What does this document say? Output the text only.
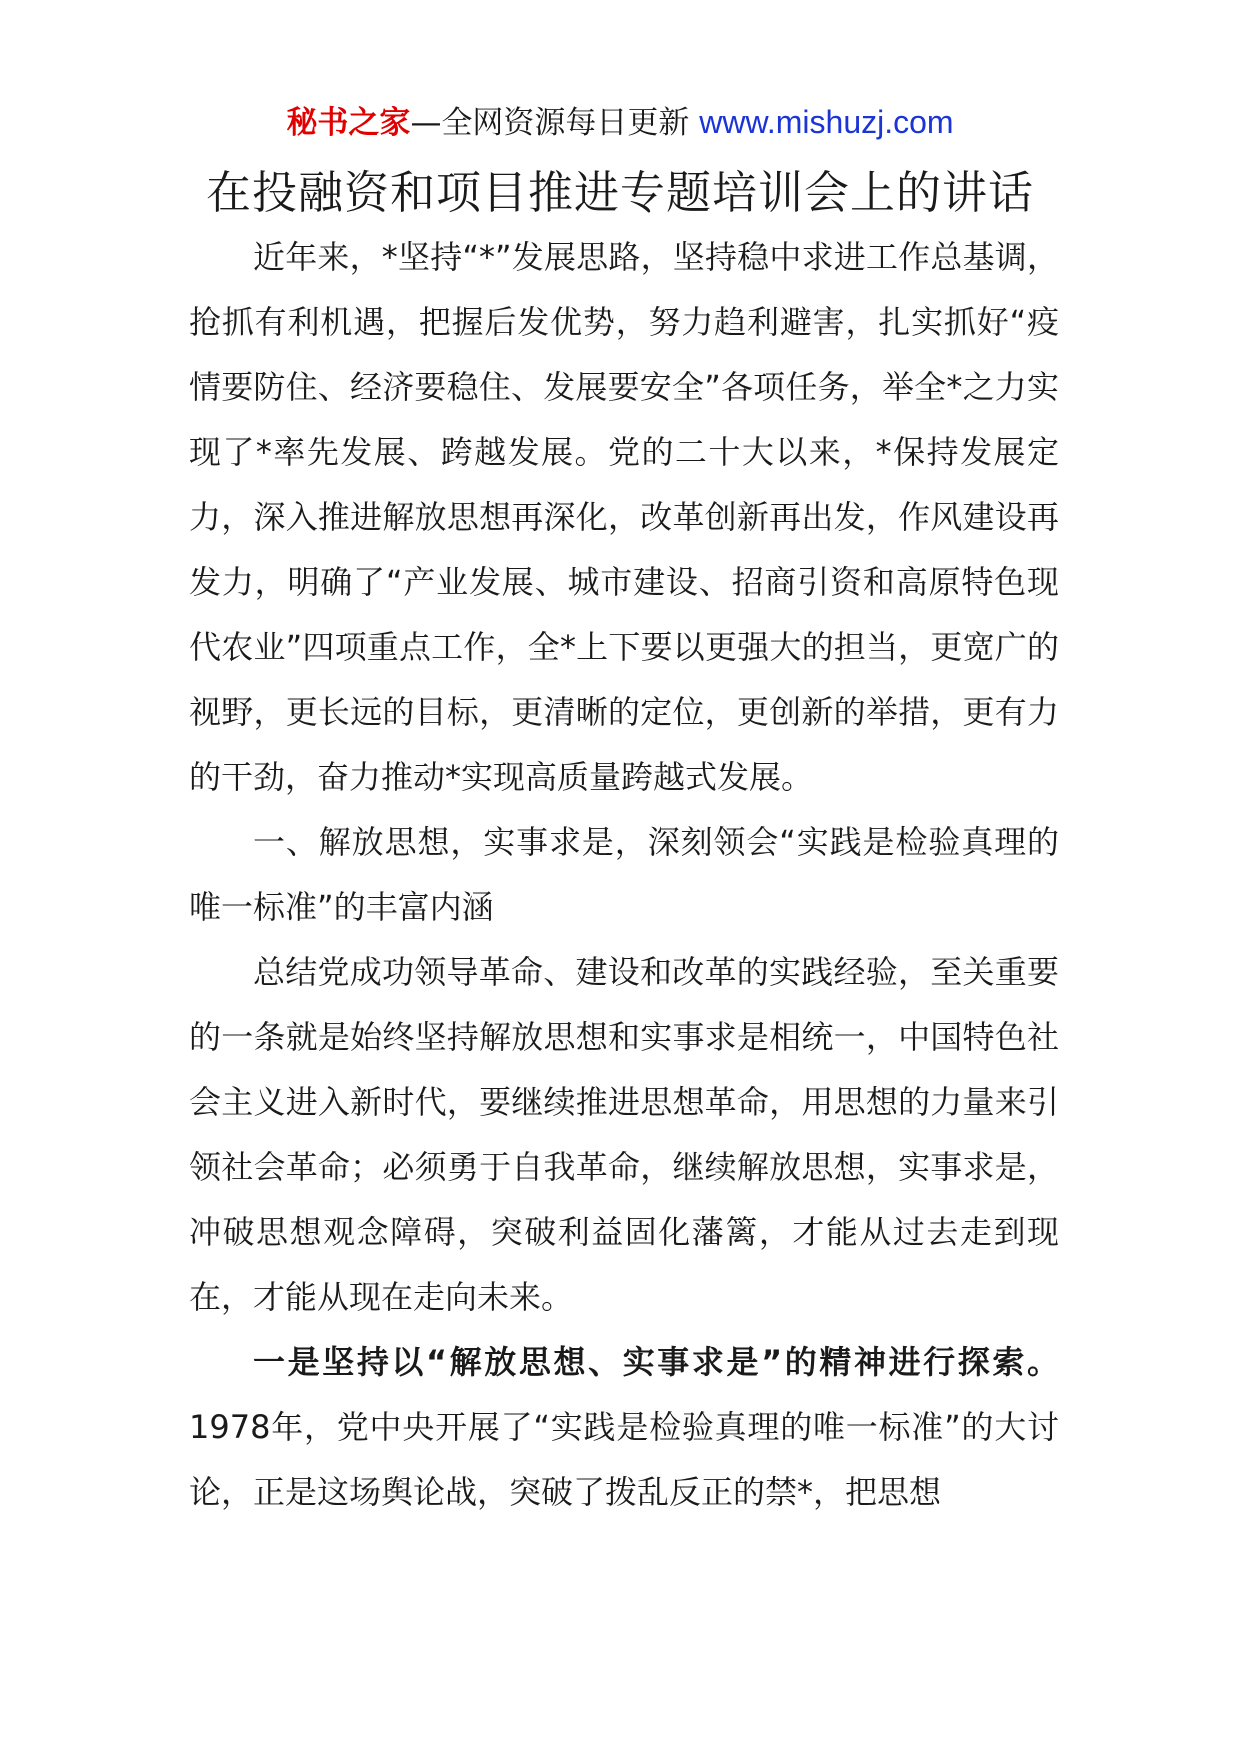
秘书之家—全网资源每日更新 www.mishuzj.com
在投融资和项目推进专题培训会上的讲话

近年来，*坚持“*”发展思路，坚持稳中求进工作总基调，抢抓有利机遇，把握后发优势，努力趋利避害，扎实抓好“疫情要防住、经济要稳住、发展要安全”各项任务，举全*之力实现了*率先发展、跨越发展。党的二十大以来，*保持发展定力，深入推进解放思想再深化，改革创新再出发，作风建设再发力，明确了“产业发展、城市建设、招商引资和高原特色现代农业”四项重点工作，全*上下要以更强大的担当，更宽广的视野，更长远的目标，更清晰的定位，更创新的举措，更有力的干劲，奋力推动*实现高质量跨越式发展。

一、解放思想，实事求是，深刻领会“实践是检验真理的唯一标准”的丰富内涵

总结党成功领导革命、建设和改革的实践经验，至关重要的一条就是始终坚持解放思想和实事求是相统一，中国特色社会主义进入新时代，要继续推进思想革命，用思想的力量来引领社会革命；必须勇于自我革命，继续解放思想，实事求是，冲破思想观念障碍，突破利益固化藩篱，才能从过去走到现在，才能从现在走向未来。

一是坚持以“解放思想、实事求是”的精神进行探索。1978年，党中央开展了“实践是检验真理的唯一标准”的大讨论，正是这场舆论战，突破了拨乱反正的禁*，把思想
